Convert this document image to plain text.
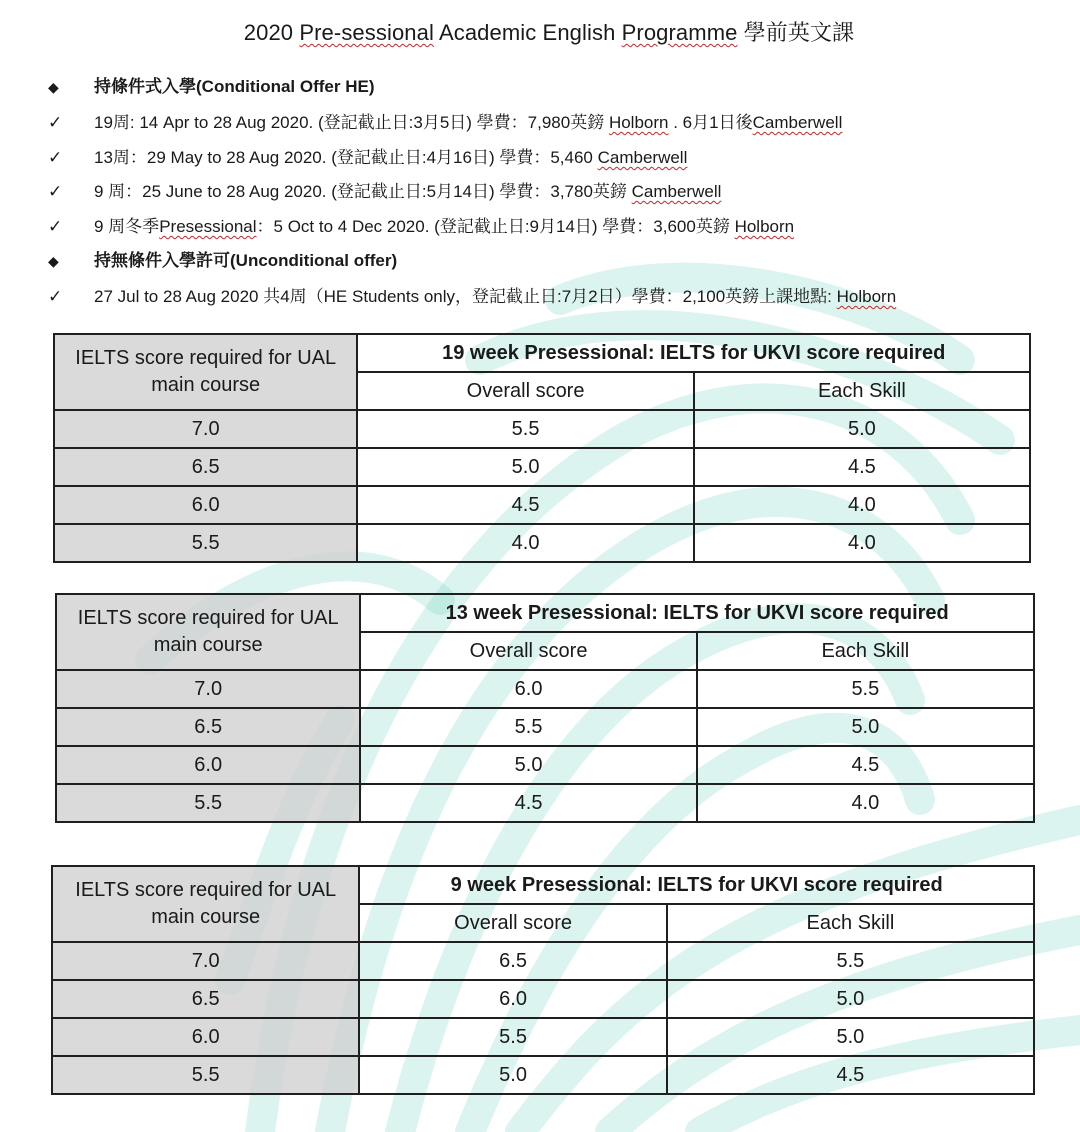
2020 Pre-sessional Academic English Programme 學前英文課
◆ 持條件式入學(Conditional Offer HE)
✓ 19周: 14 Apr to 28 Aug 2020. (登記截止日:3月5日) 學費：7,980英鎊 Holborn . 6月1日後Camberwell
✓ 13周：29 May to 28 Aug 2020. (登記截止日:4月16日) 學費：5,460 Camberwell
✓ 9 周：25 June to 28 Aug 2020. (登記截止日:5月14日) 學費：3,780英鎊 Camberwell
✓ 9 周冬季Presessional：5 Oct to 4 Dec 2020. (登記截止日:9月14日) 學費：3,600英鎊 Holborn
◆ 持無條件入學許可(Unconditional offer)
✓ 27 Jul to 28 Aug 2020 共4周（HE Students only，登記截止日:7月2日）學費：2,100英鎊上課地點: Holborn
IELTS score required for UAL main course	19 week Presessional: IELTS for UKVI score required	
	Overall score	Each Skill
7.0	5.5	5.0
6.5	5.0	4.5
6.0	4.5	4.0
5.5	4.0	4.0
IELTS score required for UAL main course	13 week Presessional: IELTS for UKVI score required	
	Overall score	Each Skill
7.0	6.0	5.5
6.5	5.5	5.0
6.0	5.0	4.5
5.5	4.5	4.0
IELTS score required for UAL main course	9 week Presessional: IELTS for UKVI score required	
	Overall score	Each Skill
7.0	6.5	5.5
6.5	6.0	5.0
6.0	5.5	5.0
5.5	5.0	4.5
